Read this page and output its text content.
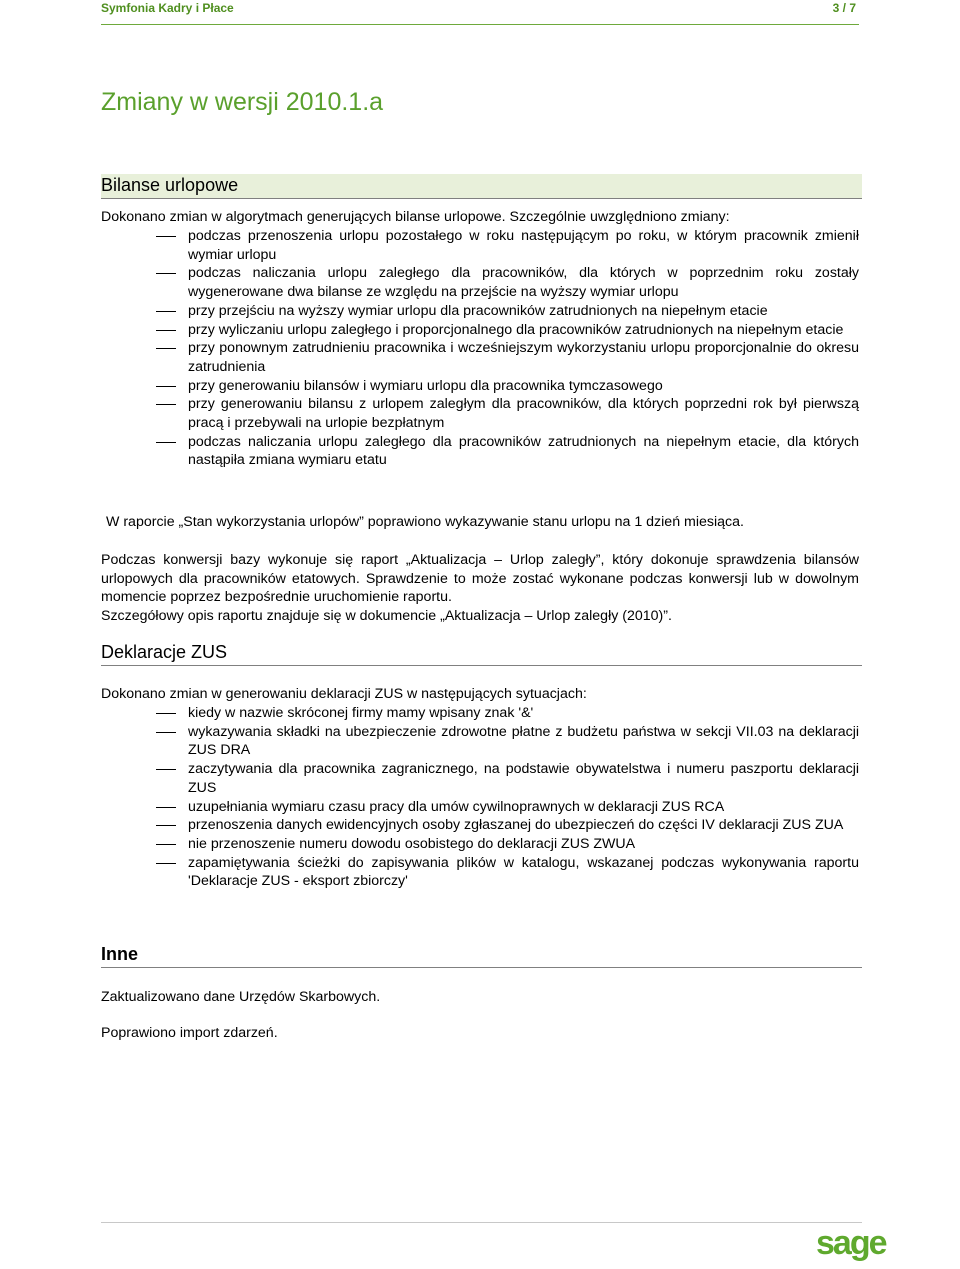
Symfonia Kadry i Płace	3 / 7
Zmiany w wersji 2010.1.a
Bilanse urlopowe
Dokonano zmian w algorytmach generujących bilanse urlopowe. Szczególnie uwzględniono zmiany:
podczas przenoszenia urlopu pozostałego w roku następującym po roku, w którym pracownik zmienił wymiar urlopu
podczas naliczania urlopu zaległego dla pracowników, dla których w poprzednim roku zostały wygenerowane dwa bilanse ze względu na przejście na wyższy wymiar urlopu
przy przejściu na wyższy wymiar urlopu dla pracowników zatrudnionych na niepełnym etacie
przy wyliczaniu urlopu zaległego i proporcjonalnego dla pracowników zatrudnionych na niepełnym etacie
przy ponownym zatrudnieniu pracownika i wcześniejszym wykorzystaniu urlopu proporcjonalnie do okresu zatrudnienia
przy generowaniu bilansów i wymiaru urlopu dla pracownika tymczasowego
przy generowaniu bilansu z urlopem zaległym dla pracowników, dla których poprzedni rok był pierwszą pracą i przebywali na urlopie bezpłatnym
podczas naliczania urlopu zaległego dla pracowników zatrudnionych na niepełnym etacie, dla których nastąpiła zmiana wymiaru etatu
W raporcie „Stan wykorzystania urlopów” poprawiono wykazywanie stanu urlopu na 1 dzień miesiąca.
Podczas konwersji bazy wykonuje się raport „Aktualizacja – Urlop zaległy”, który dokonuje sprawdzenia bilansów urlopowych dla pracowników etatowych. Sprawdzenie to może zostać wykonane podczas konwersji lub w dowolnym momencie poprzez bezpośrednie uruchomienie raportu.
Szczegółowy opis raportu znajduje się w dokumencie „Aktualizacja – Urlop zaległy (2010)”.
Deklaracje ZUS
Dokonano zmian w generowaniu deklaracji ZUS w następujących sytuacjach:
kiedy w nazwie skróconej firmy mamy wpisany znak '&'
wykazywania składki na ubezpieczenie zdrowotne płatne z budżetu państwa w sekcji VII.03 na deklaracji ZUS DRA
zaczytywania dla pracownika zagranicznego, na podstawie obywatelstwa i numeru paszportu deklaracji ZUS
uzupełniania wymiaru czasu pracy dla umów cywilnoprawnych w deklaracji ZUS RCA
przenoszenia danych ewidencyjnych osoby zgłaszanej do ubezpieczeń do części IV deklaracji ZUS ZUA
nie przenoszenie numeru dowodu osobistego do deklaracji ZUS ZWUA
zapamiętywania ścieżki do zapisywania plików w katalogu, wskazanej podczas wykonywania raportu 'Deklaracje ZUS - eksport zbiorczy'
Inne
Zaktualizowano dane Urzędów Skarbowych.
Poprawiono import zdarzeń.
sage
